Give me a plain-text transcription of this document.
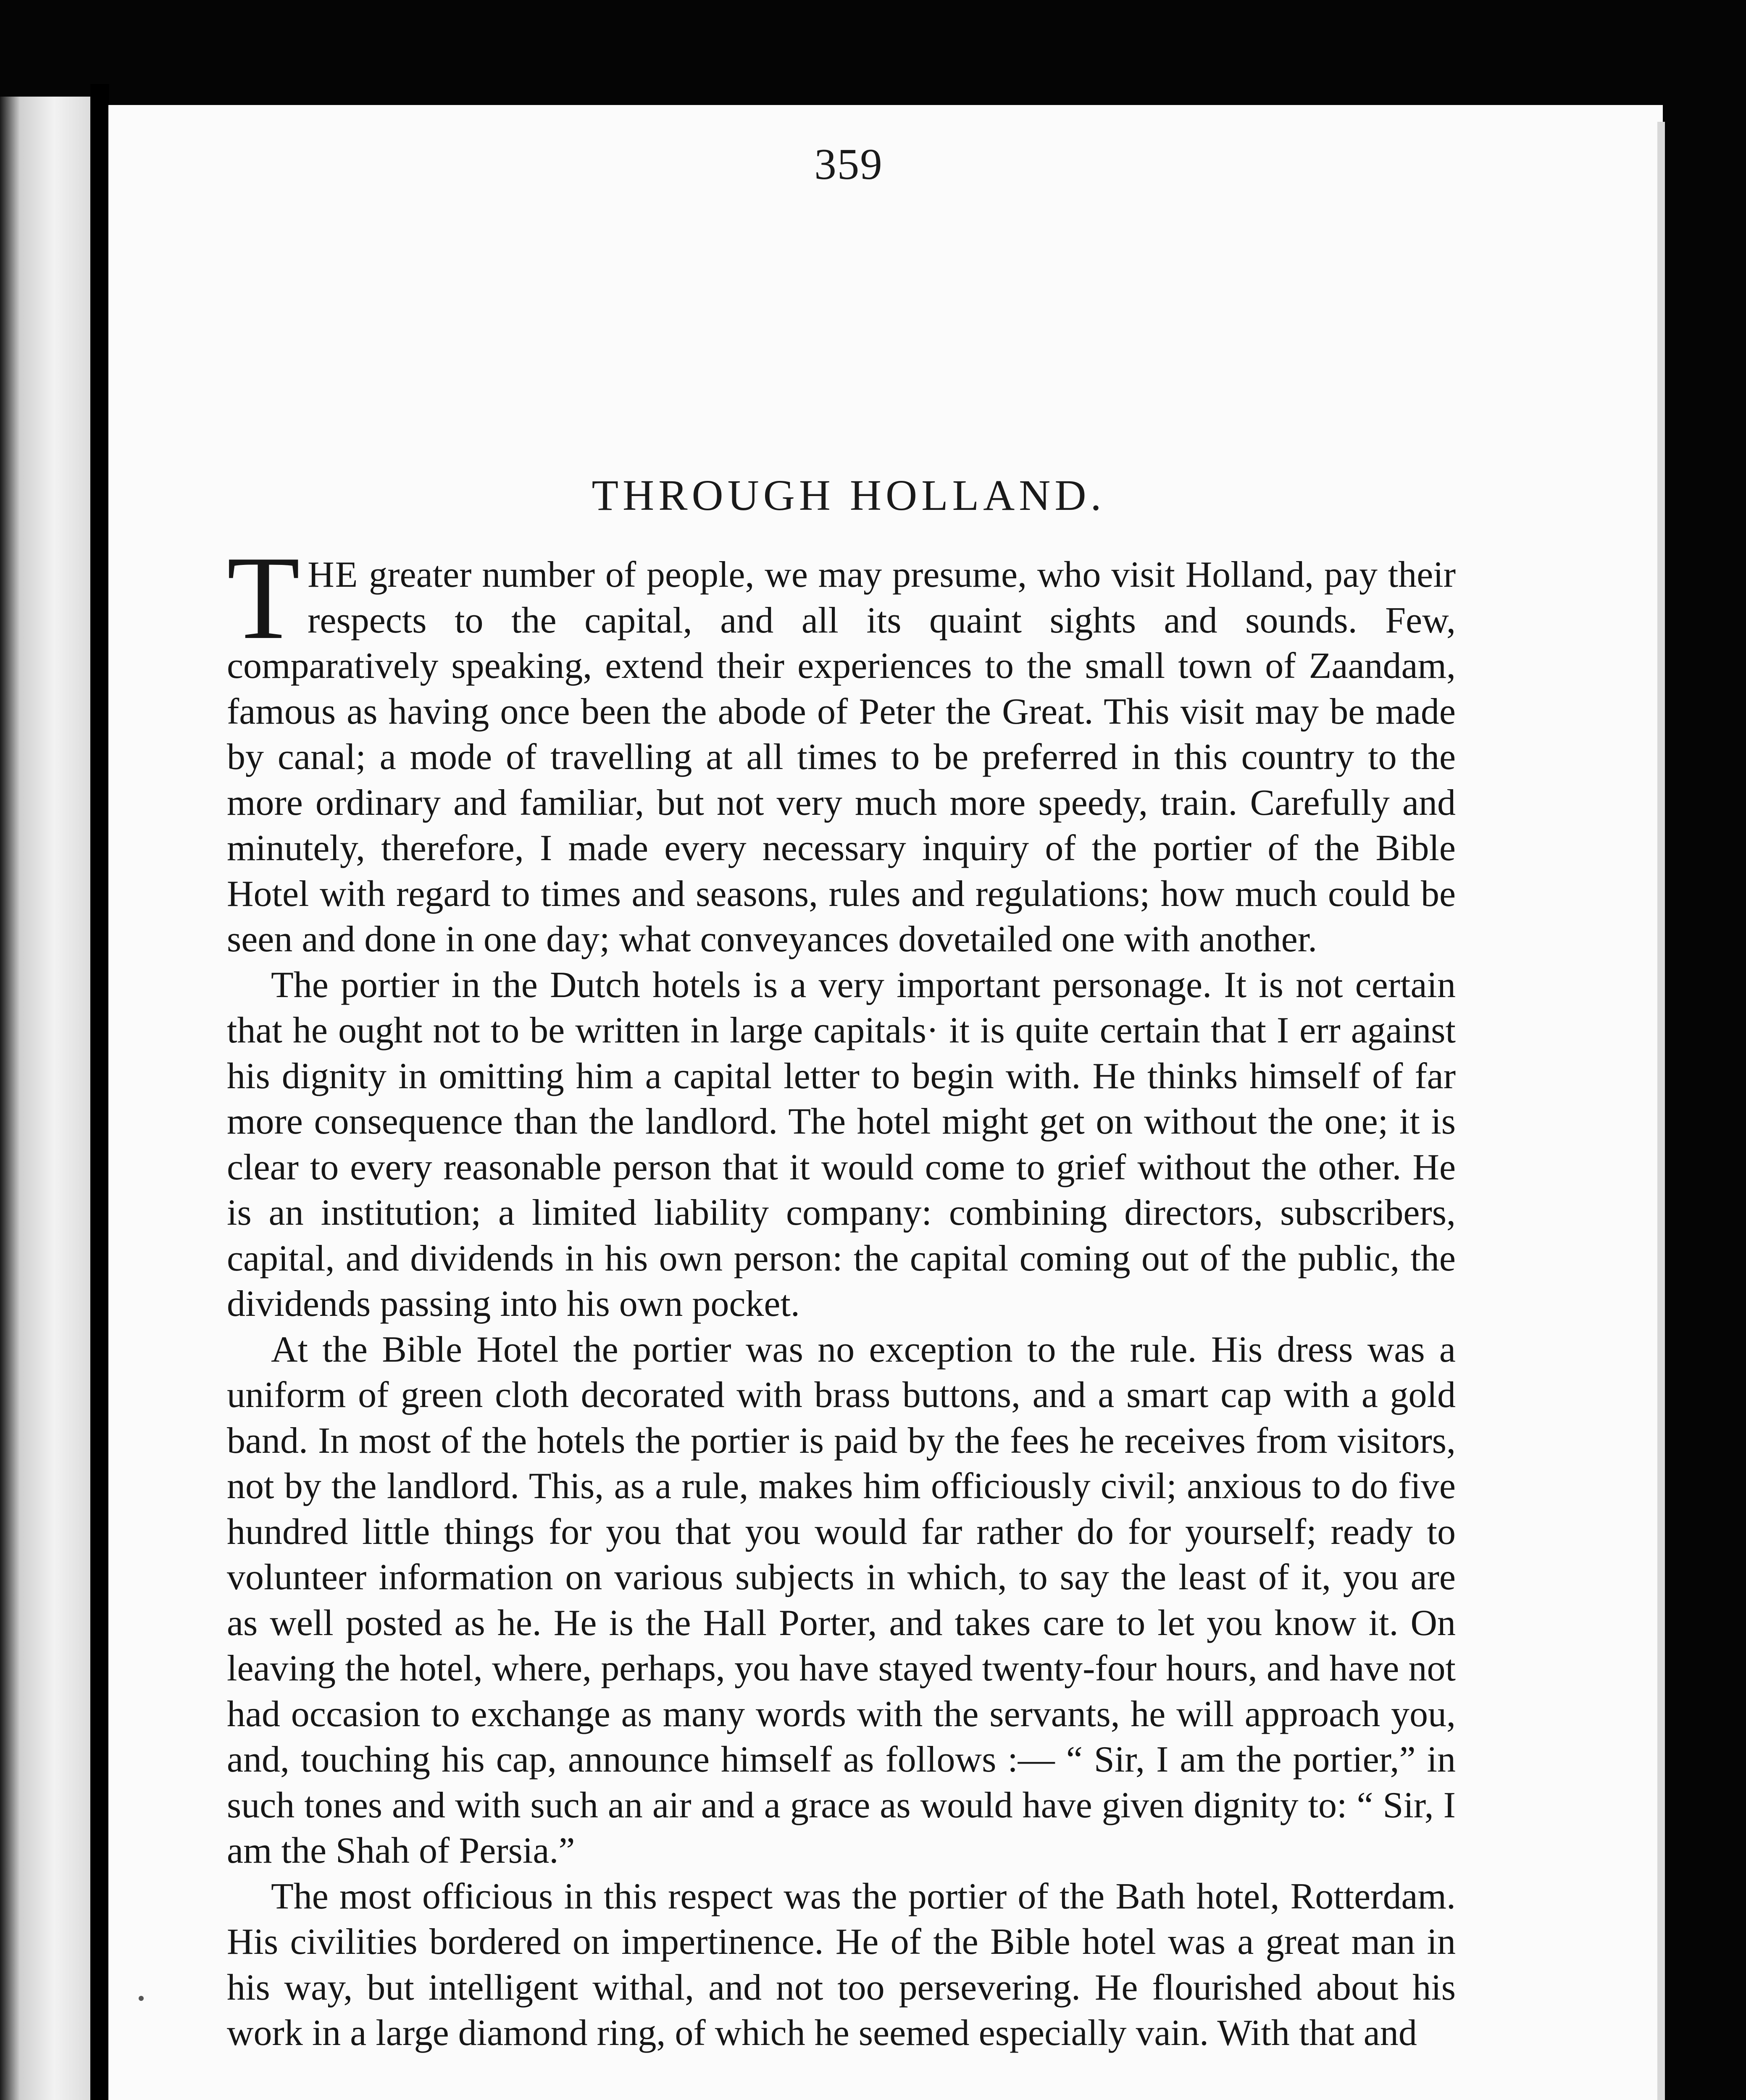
359
THROUGH HOLLAND.

THE greater number of people, we may presume, who visit Holland, pay their respects to the capital, and all its quaint sights and sounds. Few, comparatively speaking, extend their experiences to the small town of Zaandam, famous as having once been the abode of Peter the Great. This visit may be made by canal; a mode of travelling at all times to be preferred in this country to the more ordinary and familiar, but not very much more speedy, train. Carefully and minutely, therefore, I made every necessary inquiry of the portier of the Bible Hotel with regard to times and seasons, rules and regulations; how much could be seen and done in one day; what conveyances dovetailed one with another.

The portier in the Dutch hotels is a very important personage. It is not certain that he ought not to be written in large capitals· it is quite certain that I err against his dignity in omitting him a capital letter to begin with. He thinks himself of far more consequence than the landlord. The hotel might get on without the one; it is clear to every reasonable person that it would come to grief without the other. He is an institution; a limited liability company: combining directors, subscribers, capital, and dividends in his own person: the capital coming out of the public, the dividends passing into his own pocket.

At the Bible Hotel the portier was no exception to the rule. His dress was a uniform of green cloth decorated with brass buttons, and a smart cap with a gold band. In most of the hotels the portier is paid by the fees he receives from visitors, not by the landlord. This, as a rule, makes him officiously civil; anxious to do five hundred little things for you that you would far rather do for yourself; ready to volunteer information on various subjects in which, to say the least of it, you are as well posted as he. He is the Hall Porter, and takes care to let you know it. On leaving the hotel, where, perhaps, you have stayed twenty-four hours, and have not had occasion to exchange as many words with the servants, he will approach you, and, touching his cap, announce himself as follows :— “ Sir, I am the portier,” in such tones and with such an air and a grace as would have given dignity to: “ Sir, I am the Shah of Persia.”

The most officious in this respect was the portier of the Bath hotel, Rotterdam. His civilities bordered on impertinence. He of the Bible hotel was a great man in his way, but intelligent withal, and not too persevering. He flourished about his work in a large diamond ring, of which he seemed especially vain. With that and
